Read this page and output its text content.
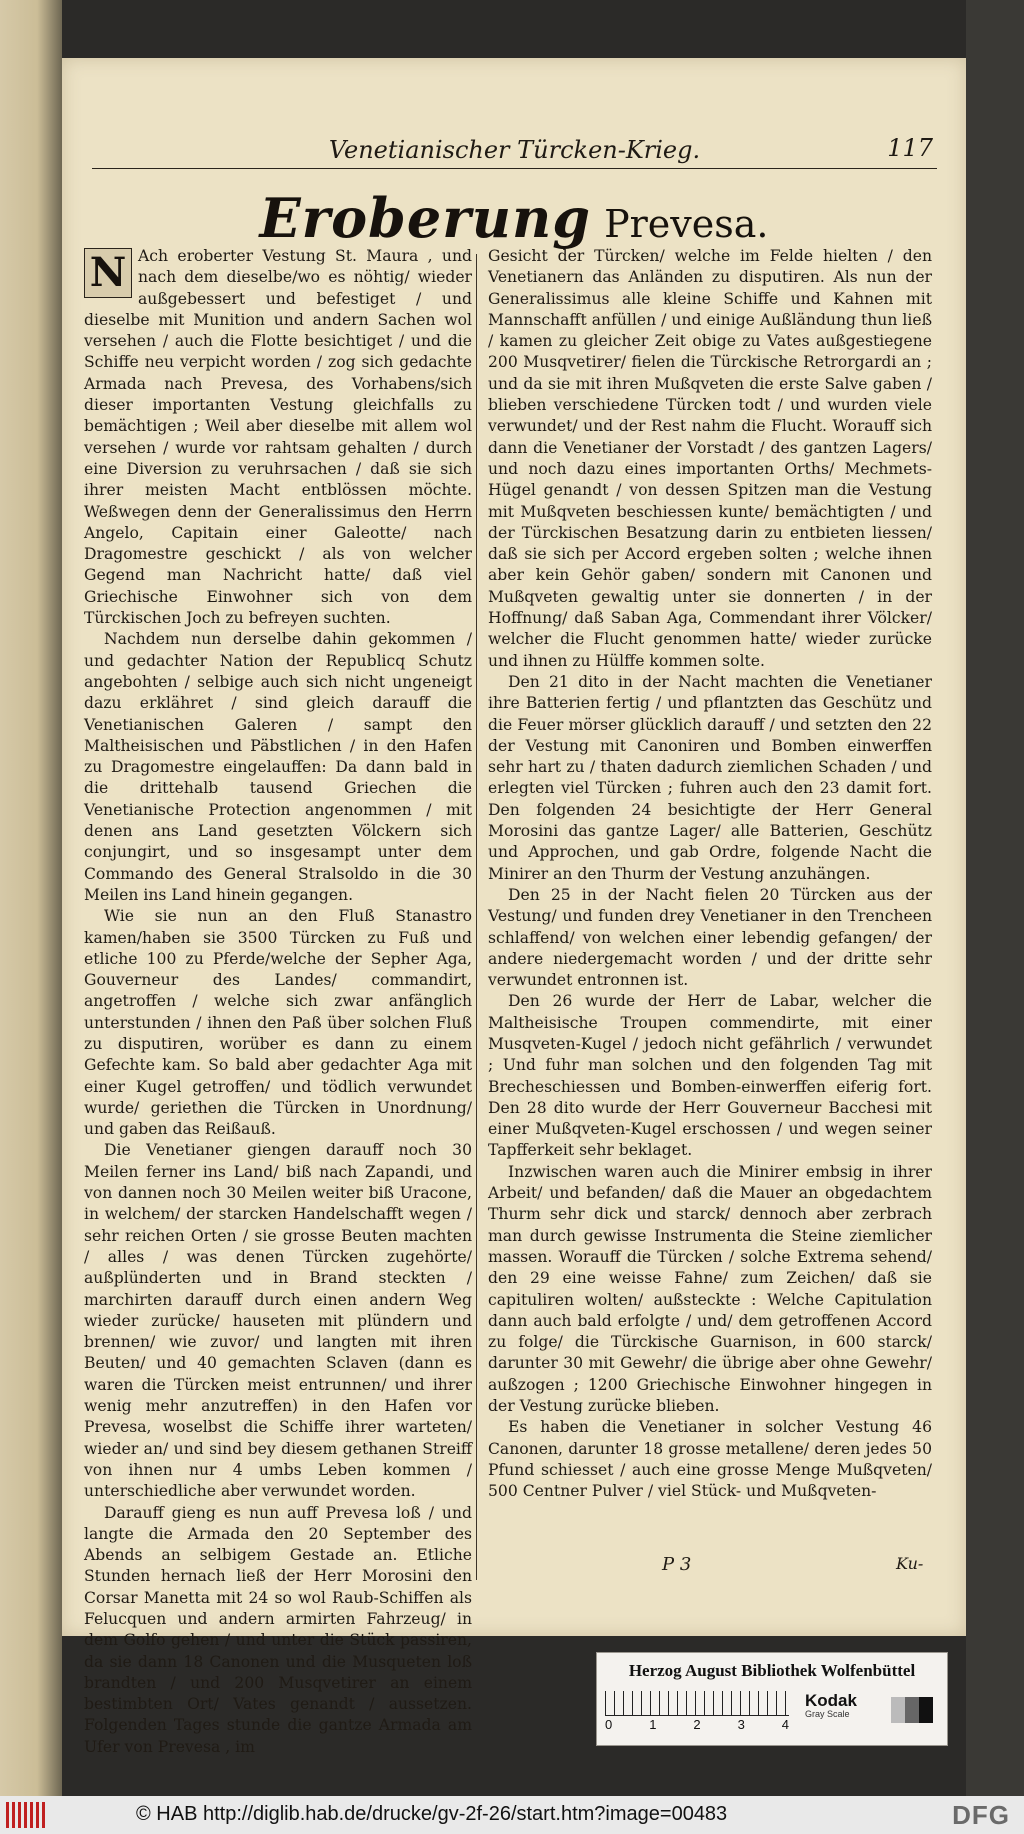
Venetianischer Türcken-Krieg.	117
Eroberung Prevesa.

N Ach eroberter Vestung St. Maura , und nach dem dieselbe/wo es nöhtig/ wieder außgebessert und befestiget / und dieselbe mit Munition und andern Sachen wol versehen / auch die Flotte besichtiget / und die Schiffe neu verpicht worden / zog sich gedachte Armada nach Prevesa, des Vorhabens/sich dieser importanten Vestung gleichfalls zu bemächtigen ; Weil aber dieselbe mit allem wol versehen / wurde vor rahtsam gehalten / durch eine Diversion zu veruhrsachen / daß sie sich ihrer meisten Macht entblössen möchte. Weßwegen denn der Generalissimus den Herrn Angelo, Capitain einer Galeotte/ nach Dragomestre geschickt / als von welcher Gegend man Nachricht hatte/ daß viel Griechische Einwohner sich von dem Türckischen Joch zu befreyen suchten.

Nachdem nun derselbe dahin gekommen / und gedachter Nation der Republicq Schutz angebohten / selbige auch sich nicht ungeneigt dazu erklähret / sind gleich darauff die Venetianischen Galeren / sampt den Maltheisischen und Päbstlichen / in den Hafen zu Dragomestre eingelauffen: Da dann bald in die drittehalb tausend Griechen die Venetianische Protection angenommen / mit denen ans Land gesetzten Völckern sich conjungirt, und so insgesampt unter dem Commando des General Stralsoldo in die 30 Meilen ins Land hinein gegangen.

Wie sie nun an den Fluß Stanastro kamen/haben sie 3500 Türcken zu Fuß und etliche 100 zu Pferde/welche der Sepher Aga, Gouverneur des Landes/ commandirt, angetroffen / welche sich zwar anfänglich unterstunden / ihnen den Paß über solchen Fluß zu disputiren, worüber es dann zu einem Gefechte kam. So bald aber gedachter Aga mit einer Kugel getroffen/ und tödlich verwundet wurde/ geriethen die Türcken in Unordnung/ und gaben das Reißauß.

Die Venetianer giengen darauff noch 30 Meilen ferner ins Land/ biß nach Zapandi, und von dannen noch 30 Meilen weiter biß Uracone, in welchem/ der starcken Handelschafft wegen / sehr reichen Orten / sie grosse Beuten machten / alles / was denen Türcken zugehörte/ außplünderten und in Brand steckten / marchirten darauff durch einen andern Weg wieder zurücke/ hauseten mit plündern und brennen/ wie zuvor/ und langten mit ihren Beuten/ und 40 gemachten Sclaven (dann es waren die Türcken meist entrunnen/ und ihrer wenig mehr anzutreffen) in den Hafen vor Prevesa, woselbst die Schiffe ihrer warteten/ wieder an/ und sind bey diesem gethanen Streiff von ihnen nur 4 umbs Leben kommen / unterschiedliche aber verwundet worden.

Darauff gieng es nun auff Prevesa loß / und langte die Armada den 20 September des Abends an selbigem Gestade an. Etliche Stunden hernach ließ der Herr Morosini den Corsar Manetta mit 24 so wol Raub-Schiffen als Felucquen und andern armirten Fahrzeug/ in dem Golfo gehen / und unter die Stück passiren, da sie dann 18 Canonen und die Musqueten loß brandten / und 200 Musqvetirer an einem bestimbten Ort/ Vates genandt / aussetzen. Folgenden Tages stunde die gantze Armada am Ufer von Prevesa , im

Gesicht der Türcken/ welche im Felde hielten / den Venetianern das Anländen zu disputiren. Als nun der Generalissimus alle kleine Schiffe und Kahnen mit Mannschafft anfüllen / und einige Außländung thun ließ / kamen zu gleicher Zeit obige zu Vates außgestiegene 200 Musqvetirer/ fielen die Türckische Retrorgardi an ; und da sie mit ihren Mußqveten die erste Salve gaben / blieben verschiedene Türcken todt / und wurden viele verwundet/ und der Rest nahm die Flucht. Worauff sich dann die Venetianer der Vorstadt / des gantzen Lagers/ und noch dazu eines importanten Orths/ Mechmets-Hügel genandt / von dessen Spitzen man die Vestung mit Mußqveten beschiessen kunte/ bemächtigten / und der Türckischen Besatzung darin zu entbieten liessen/ daß sie sich per Accord ergeben solten ; welche ihnen aber kein Gehör gaben/ sondern mit Canonen und Mußqveten gewaltig unter sie donnerten / in der Hoffnung/ daß Saban Aga, Commendant ihrer Völcker/ welcher die Flucht genommen hatte/ wieder zurücke und ihnen zu Hülffe kommen solte.

Den 21 dito in der Nacht machten die Venetianer ihre Batterien fertig / und pflantzten das Geschütz und die Feuer mörser glücklich darauff / und setzten den 22 der Vestung mit Canoniren und Bomben einwerffen sehr hart zu / thaten dadurch ziemlichen Schaden / und erlegten viel Türcken ; fuhren auch den 23 damit fort. Den folgenden 24 besichtigte der Herr General Morosini das gantze Lager/ alle Batterien, Geschütz und Approchen, und gab Ordre, folgende Nacht die Minirer an den Thurm der Vestung anzuhängen.

Den 25 in der Nacht fielen 20 Türcken aus der Vestung/ und funden drey Venetianer in den Trencheen schlaffend/ von welchen einer lebendig gefangen/ der andere niedergemacht worden / und der dritte sehr verwundet entronnen ist.

Den 26 wurde der Herr de Labar, welcher die Maltheisische Troupen commendirte, mit einer Musqveten-Kugel / jedoch nicht gefährlich / verwundet ; Und fuhr man solchen und den folgenden Tag mit Brecheschiessen und Bomben-einwerffen eiferig fort. Den 28 dito wurde der Herr Gouverneur Bacchesi mit einer Mußqveten-Kugel erschossen / und wegen seiner Tapfferkeit sehr beklaget.

Inzwischen waren auch die Minirer embsig in ihrer Arbeit/ und befanden/ daß die Mauer an obgedachtem Thurm sehr dick und starck/ dennoch aber zerbrach man durch gewisse Instrumenta die Steine ziemlicher massen. Worauff die Türcken / solche Extrema sehend/ den 29 eine weisse Fahne/ zum Zeichen/ daß sie capituliren wolten/ außsteckte : Welche Capitulation dann auch bald erfolgte / und/ dem getroffenen Accord zu folge/ die Türckische Guarnison, in 600 starck/ darunter 30 mit Gewehr/ die übrige aber ohne Gewehr/ außzogen ; 1200 Griechische Einwohner hingegen in der Vestung zurücke blieben.

Es haben die Venetianer in solcher Vestung 46 Canonen, darunter 18 grosse metallene/ deren jedes 50 Pfund schiesset / auch eine grosse Menge Mußqveten/ 500 Centner Pulver / viel Stück- und Mußqveten-

P 3	Ku-
Herzog August Bibliothek Wolfenbüttel
0	1	2	3	4
Kodak
Gray Scale
© HAB http://diglib.hab.de/drucke/gv-2f-26/start.htm?image=00483	DFG
